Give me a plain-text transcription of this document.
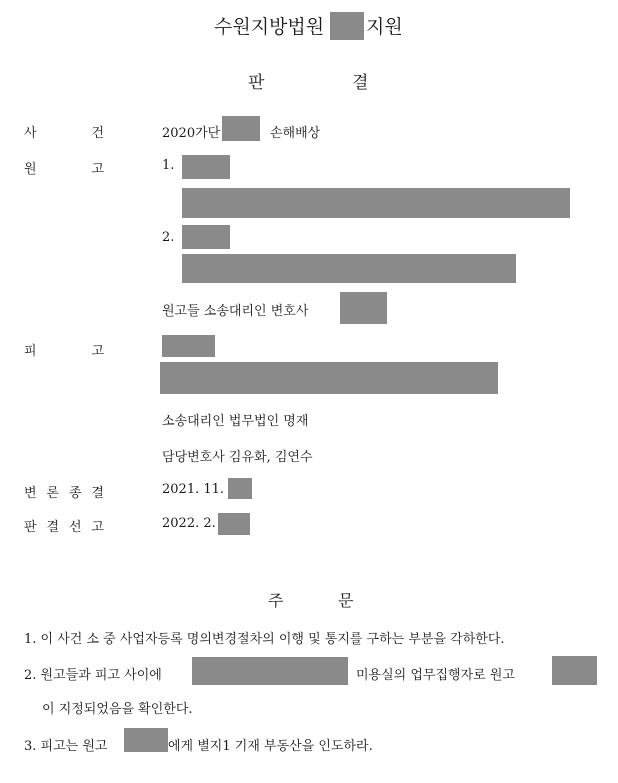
수원지방법원 지원
판	결
사	건	2020가단	손해배상
원	고	1.
2.
원고들 소송대리인 변호사
피	고
소송대리인 법무법인 명재
담당변호사 김유화, 김연수
변 론 종 결	2021. 11.
판 결 선 고	2022. 2.
주	문
1. 이 사건 소 중 사업자등록 명의변경절차의 이행 및 통지를 구하는 부분을 각하한다.
2. 원고들과 피고 사이에	미용실의 업무집행자로 원고
이 지정되었음을 확인한다.
3. 피고는 원고	에게 별지1 기재 부동산을 인도하라.
